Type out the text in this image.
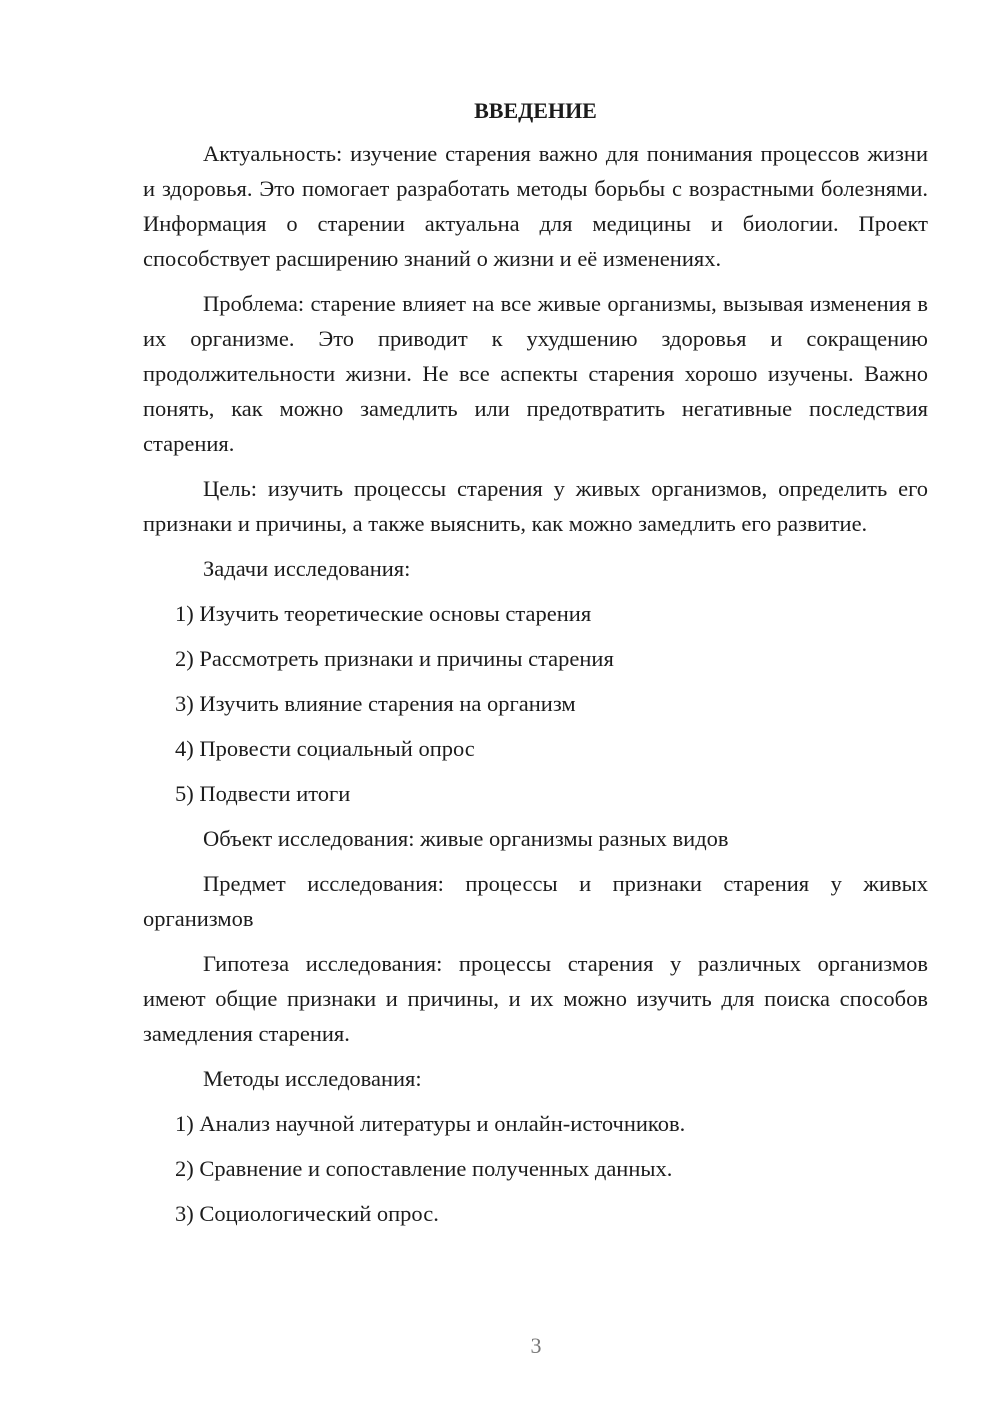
ВВЕДЕНИЕ

Актуальность: изучение старения важно для понимания процессов жизни и здоровья. Это помогает разработать методы борьбы с возрастными болезнями. Информация о старении актуальна для медицины и биологии. Проект способствует расширению знаний о жизни и её изменениях.

Проблема: старение влияет на все живые организмы, вызывая изменения в их организме. Это приводит к ухудшению здоровья и сокращению продолжительности жизни. Не все аспекты старения хорошо изучены. Важно понять, как можно замедлить или предотвратить негативные последствия старения.

Цель: изучить процессы старения у живых организмов, определить его признаки и причины, а также выяснить, как можно замедлить его развитие.

Задачи исследования:

1) Изучить теоретические основы старения
2) Рассмотреть признаки и причины старения
3) Изучить влияние старения на организм
4) Провести социальный опрос
5) Подвести итоги

Объект исследования: живые организмы разных видов

Предмет исследования: процессы и признаки старения у живых организмов

Гипотеза исследования: процессы старения у различных организмов имеют общие признаки и причины, и их можно изучить для поиска способов замедления старения.

Методы исследования:

1) Анализ научной литературы и онлайн-источников.
2) Сравнение и сопоставление полученных данных.
3) Социологический опрос.
3
